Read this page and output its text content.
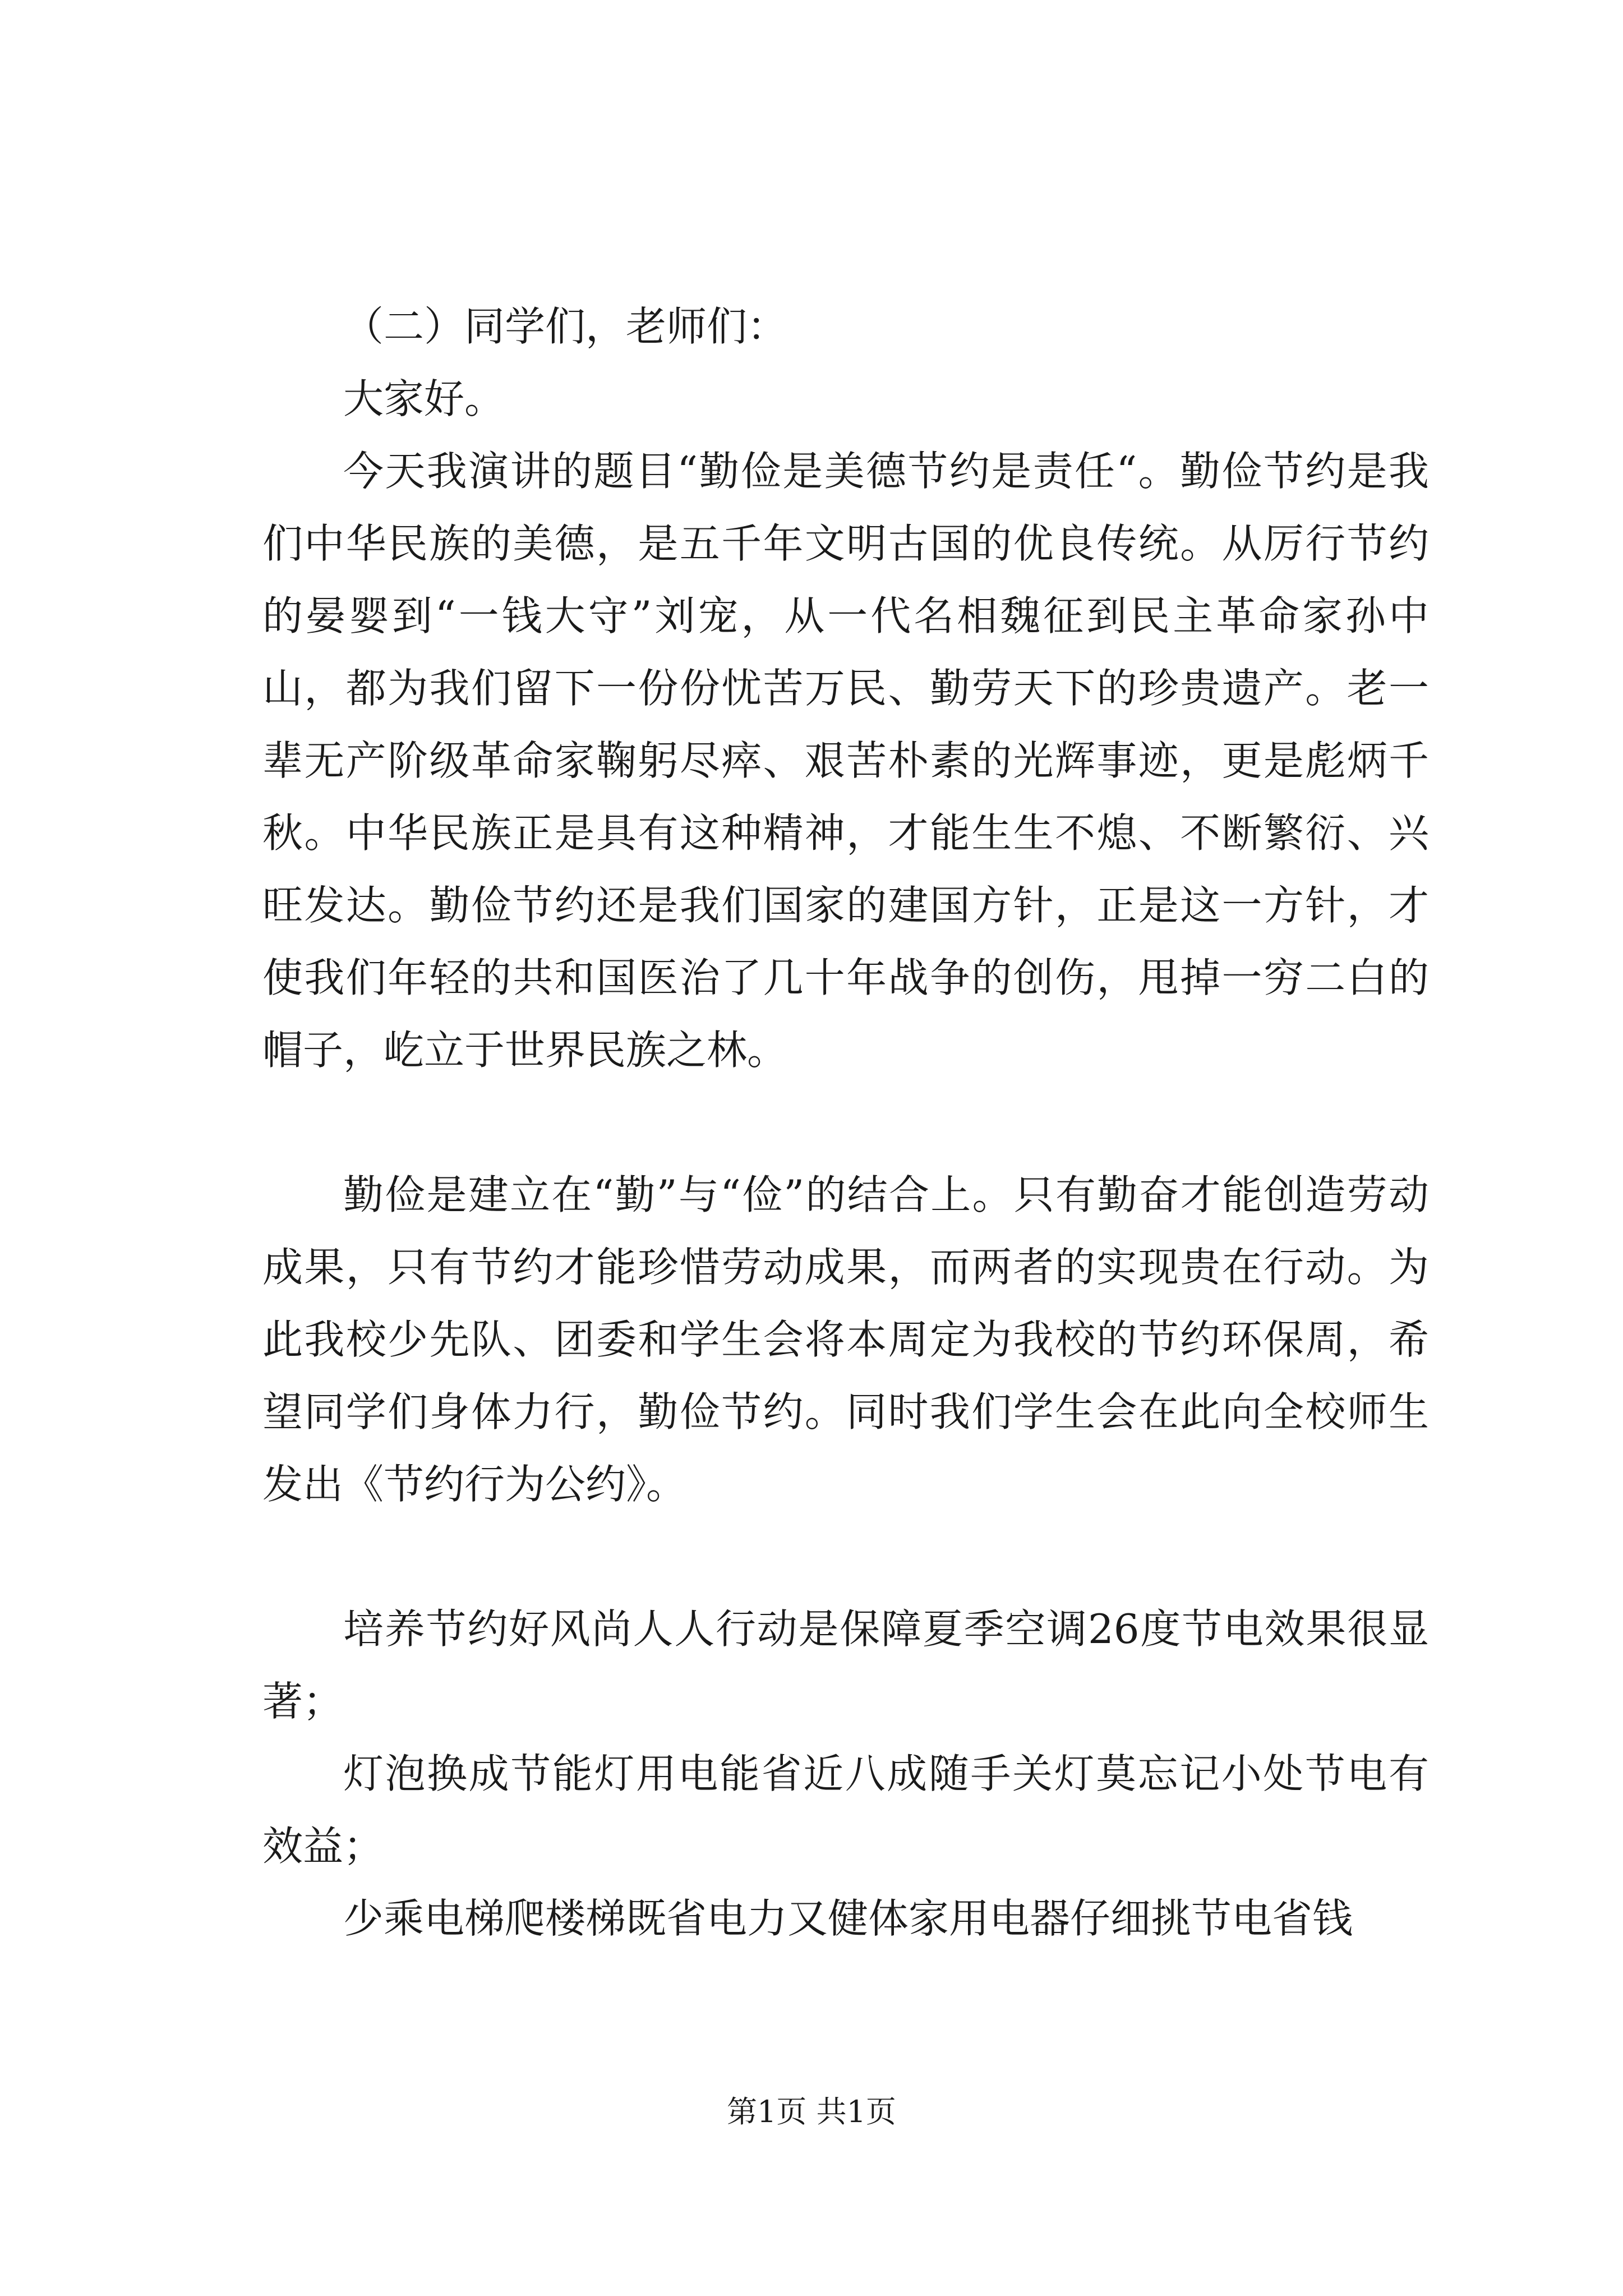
（二）同学们，老师们：

大家好。

今天我演讲的题目“勤俭是美德节约是责任“。勤俭节约是我们中华民族的美德，是五千年文明古国的优良传统。从厉行节约的晏婴到“一钱大守”刘宠，从一代名相魏征到民主革命家孙中山，都为我们留下一份份忧苦万民、勤劳天下的珍贵遗产。老一辈无产阶级革命家鞠躬尽瘁、艰苦朴素的光辉事迹，更是彪炳千秋。中华民族正是具有这种精神，才能生生不熄、不断繁衍、兴旺发达。勤俭节约还是我们国家的建国方针，正是这一方针，才使我们年轻的共和国医治了几十年战争的创伤，甩掉一穷二白的帽子，屹立于世界民族之林。

勤俭是建立在“勤”与“俭”的结合上。只有勤奋才能创造劳动成果，只有节约才能珍惜劳动成果，而两者的实现贵在行动。为此我校少先队、团委和学生会将本周定为我校的节约环保周，希望同学们身体力行，勤俭节约。同时我们学生会在此向全校师生发出《节约行为公约》。

培养节约好风尚人人行动是保障夏季空调26度节电效果很显著；

灯泡换成节能灯用电能省近八成随手关灯莫忘记小处节电有效益；

少乘电梯爬楼梯既省电力又健体家用电器仔细挑节电省钱

第1页 共1页
